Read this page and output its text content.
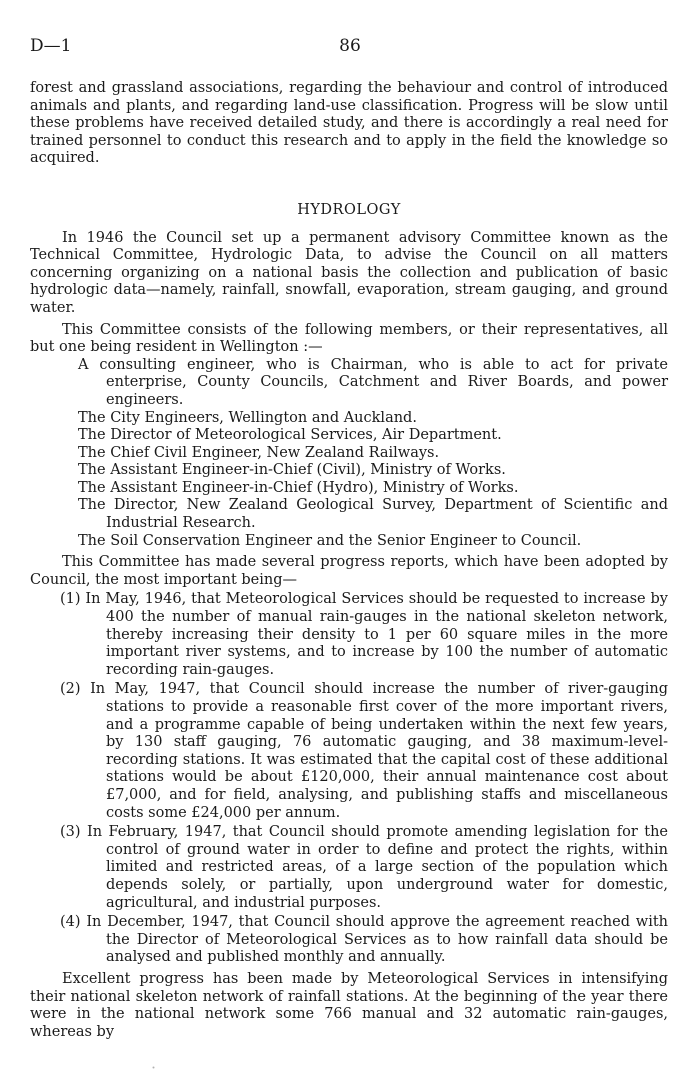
D—1	86

forest and grassland associations, regarding the behaviour and control of introduced animals and plants, and regarding land-use classification. Progress will be slow until these problems have received detailed study, and there is accordingly a real need for trained personnel to conduct this research and to apply in the field the knowledge so acquired.

HYDROLOGY

In 1946 the Council set up a permanent advisory Committee known as the Technical Committee, Hydrologic Data, to advise the Council on all matters concerning organizing on a national basis the collection and publication of basic hydrologic data—namely, rainfall, snowfall, evaporation, stream gauging, and ground water.

This Committee consists of the following members, or their representatives, all but one being resident in Wellington :—

A consulting engineer, who is Chairman, who is able to act for private enterprise, County Councils, Catchment and River Boards, and power engineers.

The City Engineers, Wellington and Auckland.

The Director of Meteorological Services, Air Department.

The Chief Civil Engineer, New Zealand Railways.

The Assistant Engineer-in-Chief (Civil), Ministry of Works.

The Assistant Engineer-in-Chief (Hydro), Ministry of Works.

The Director, New Zealand Geological Survey, Department of Scientific and Industrial Research.

The Soil Conservation Engineer and the Senior Engineer to Council.

This Committee has made several progress reports, which have been adopted by Council, the most important being—

(1) In May, 1946, that Meteorological Services should be requested to increase by 400 the number of manual rain-gauges in the national skeleton network, thereby increasing their density to 1 per 60 square miles in the more important river systems, and to increase by 100 the number of automatic recording rain-gauges.

(2) In May, 1947, that Council should increase the number of river-gauging stations to provide a reasonable first cover of the more important rivers, and a programme capable of being undertaken within the next few years, by 130 staff gauging, 76 automatic gauging, and 38 maximum-level-recording stations. It was estimated that the capital cost of these additional stations would be about £120,000, their annual maintenance cost about £7,000, and for field, analysing, and publishing staffs and miscellaneous costs some £24,000 per annum.

(3) In February, 1947, that Council should promote amending legislation for the control of ground water in order to define and protect the rights, within limited and restricted areas, of a large section of the population which depends solely, or partially, upon underground water for domestic, agricultural, and industrial purposes.

(4) In December, 1947, that Council should approve the agreement reached with the Director of Meteorological Services as to how rainfall data should be analysed and published monthly and annually.

Excellent progress has been made by Meteorological Services in intensifying their national skeleton network of rainfall stations. At the beginning of the year there were in the national network some 766 manual and 32 automatic rain-gauges, whereas by
